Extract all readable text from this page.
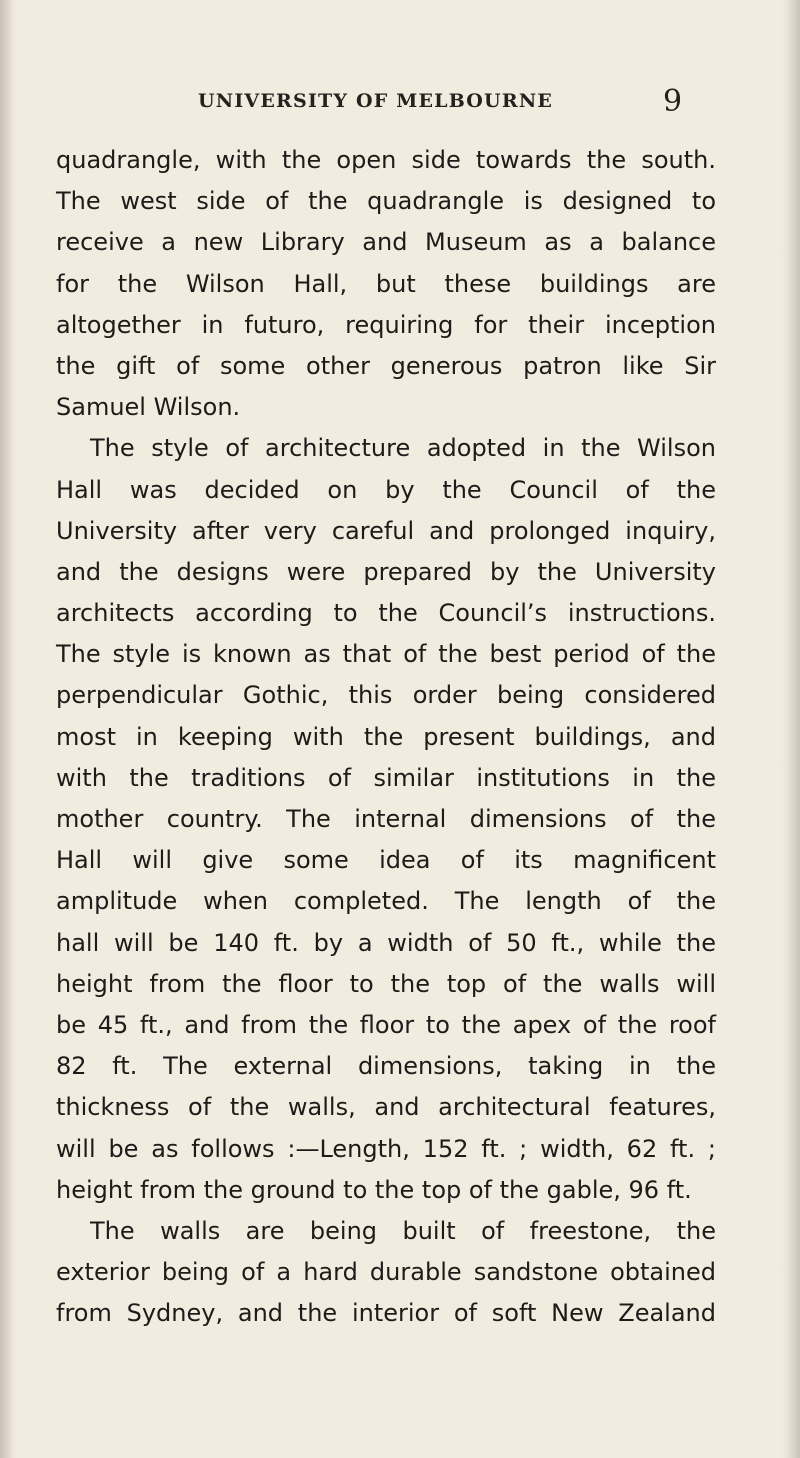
UNIVERSITY OF MELBOURNE	9
quadrangle, with the open side towards the south.
The west side of the quadrangle is designed to
receive a new Library and Museum as a balance
for the Wilson Hall, but these buildings are
altogether in futuro, requiring for their inception
the gift of some other generous patron like Sir
Samuel Wilson.
The style of architecture adopted in the Wilson
Hall was decided on by the Council of the
University after very careful and prolonged inquiry,
and the designs were prepared by the University
architects according to the Council’s instructions.
The style is known as that of the best period of the
perpendicular Gothic, this order being considered
most in keeping with the present buildings, and
with the traditions of similar institutions in the
mother country. The internal dimensions of the
Hall will give some idea of its magnificent
amplitude when completed. The length of the
hall will be 140 ft. by a width of 50 ft., while the
height from the floor to the top of the walls will
be 45 ft., and from the floor to the apex of the roof
82 ft. The external dimensions, taking in the
thickness of the walls, and architectural features,
will be as follows :—Length, 152 ft. ; width, 62 ft. ;
height from the ground to the top of the gable, 96 ft.
The walls are being built of freestone, the
exterior being of a hard durable sandstone obtained
from Sydney, and the interior of soft New Zealand
